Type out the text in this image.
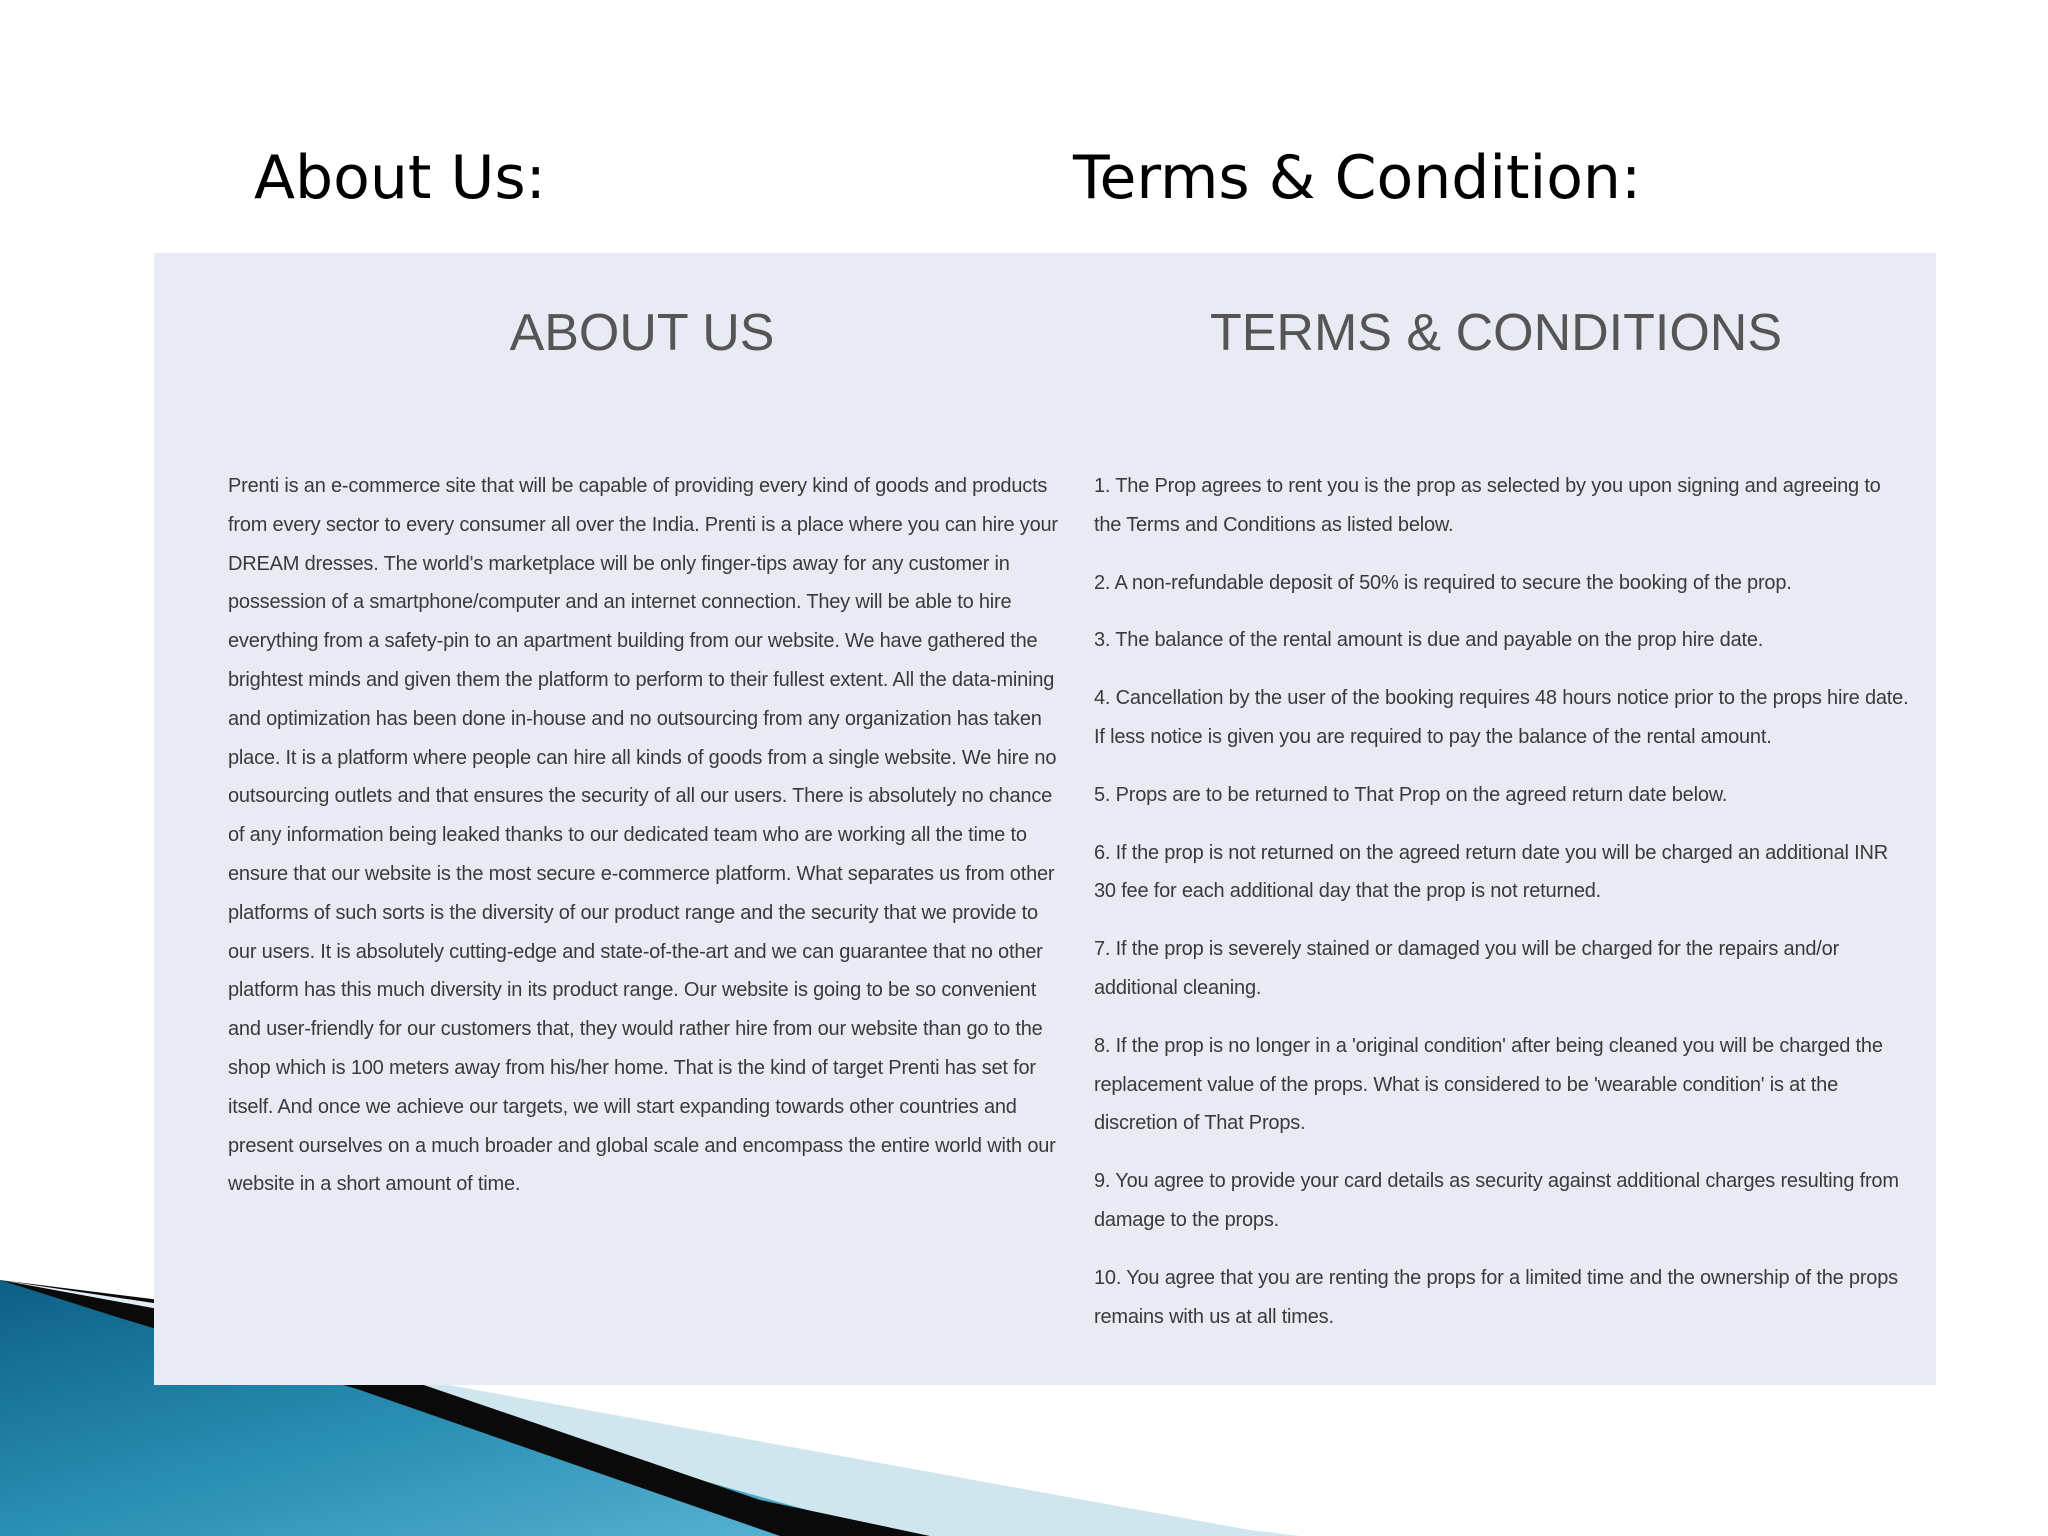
About Us:	Terms & Condition:
ABOUT US	TERMS & CONDITIONS

Prenti is an e-commerce site that will be capable of providing every kind of goods and products from every sector to every consumer all over the India. Prenti is a place where you can hire your DREAM dresses. The world's marketplace will be only finger-tips away for any customer in possession of a smartphone/computer and an internet connection. They will be able to hire everything from a safety-pin to an apartment building from our website. We have gathered the brightest minds and given them the platform to perform to their fullest extent. All the data-mining and optimization has been done in-house and no outsourcing from any organization has taken place. It is a platform where people can hire all kinds of goods from a single website. We hire no outsourcing outlets and that ensures the security of all our users. There is absolutely no chance of any information being leaked thanks to our dedicated team who are working all the time to ensure that our website is the most secure e-commerce platform. What separates us from other platforms of such sorts is the diversity of our product range and the security that we provide to our users. It is absolutely cutting-edge and state-of-the-art and we can guarantee that no other platform has this much diversity in its product range. Our website is going to be so convenient and user-friendly for our customers that, they would rather hire from our website than go to the shop which is 100 meters away from his/her home. That is the kind of target Prenti has set for itself. And once we achieve our targets, we will start expanding towards other countries and present ourselves on a much broader and global scale and encompass the entire world with our website in a short amount of time.

1. The Prop agrees to rent you is the prop as selected by you upon signing and agreeing to the Terms and Conditions as listed below.
2. A non-refundable deposit of 50% is required to secure the booking of the prop.
3. The balance of the rental amount is due and payable on the prop hire date.
4. Cancellation by the user of the booking requires 48 hours notice prior to the props hire date. If less notice is given you are required to pay the balance of the rental amount.
5. Props are to be returned to That Prop on the agreed return date below.
6. If the prop is not returned on the agreed return date you will be charged an additional INR 30 fee for each additional day that the prop is not returned.
7. If the prop is severely stained or damaged you will be charged for the repairs and/or additional cleaning.
8. If the prop is no longer in a 'original condition' after being cleaned you will be charged the replacement value of the props. What is considered to be 'wearable condition' is at the discretion of That Props.
9. You agree to provide your card details as security against additional charges resulting from damage to the props.
10. You agree that you are renting the props for a limited time and the ownership of the props remains with us at all times.
